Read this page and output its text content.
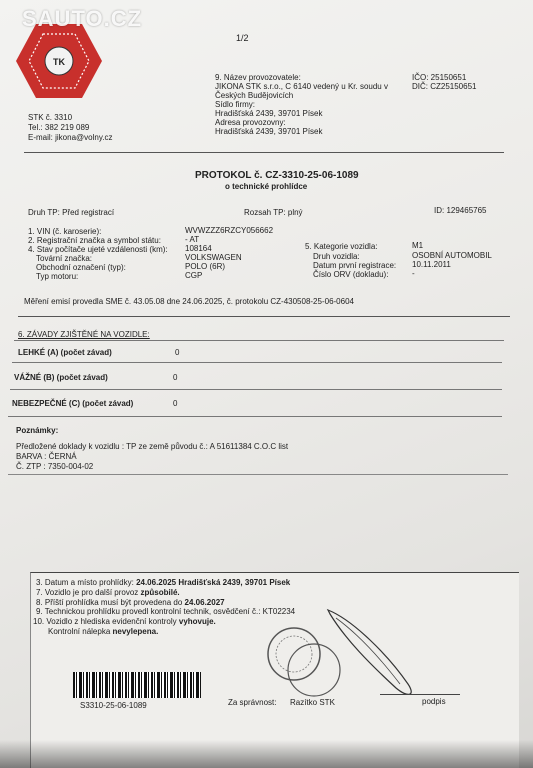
TK
SAUTO.CZ
1/2
STK č. 3310
Tel.: 382 219 089
E-mail: jikona@volny.cz
9. Název provozovatele:
JIKONA STK s.r.o., C 6140 vedený u Kr. soudu v
Českých Budějovicích
Sídlo firmy:
Hradišťská 2439, 39701 Písek
Adresa provozovny:
Hradišťská 2439, 39701 Písek
IČO: 25150651
DIČ: CZ25150651
PROTOKOL č. CZ-3310-25-06-1089
o technické prohlídce
Druh TP: Před registrací	Rozsah TP: plný	ID: 129465765
1. VIN (č. karoserie):	WVWZZZ6RZCY056662
2. Registrační značka a symbol státu:	- AT
4. Stav počítače ujeté vzdálenosti (km): 108164
Tovární značka:	VOLKSWAGEN
Obchodní označení (typ):	POLO (6R)
Typ motoru:	CGP
5. Kategorie vozidla:	M1
Druh vozidla:	OSOBNÍ AUTOMOBIL
Datum první registrace: 10.11.2011
Číslo ORV (dokladu):	-
Měření emisí provedla SME č. 43.05.08 dne 24.06.2025, č. protokolu CZ-430508-25-06-0604
6. ZÁVADY ZJIŠTĚNÉ NA VOZIDLE:
LEHKÉ (A) (počet závad)	0
VÁŽNÉ (B) (počet závad)	0
NEBEZPEČNÉ (C) (počet závad)	0
Poznámky:
Předložené doklady k vozidlu : TP ze země původu č.: A 51611384 C.O.C list
BARVA : ČERNÁ
Č. ZTP : 7350-004-02
3. Datum a místo prohlídky: 24.06.2025 Hradišťská 2439, 39701 Písek
7. Vozidlo je pro další provoz způsobilé.
8. Příští prohlídka musí být provedena do 24.06.2027
9. Technickou prohlídku provedl kontrolní technik, osvědčení č.: KT02234
10. Vozidlo z hlediska evidenční kontroly vyhovuje.
Kontrolní nálepka nevylepena.
S3310-25-06-1089	Za správnost: Razítko STK	podpis
